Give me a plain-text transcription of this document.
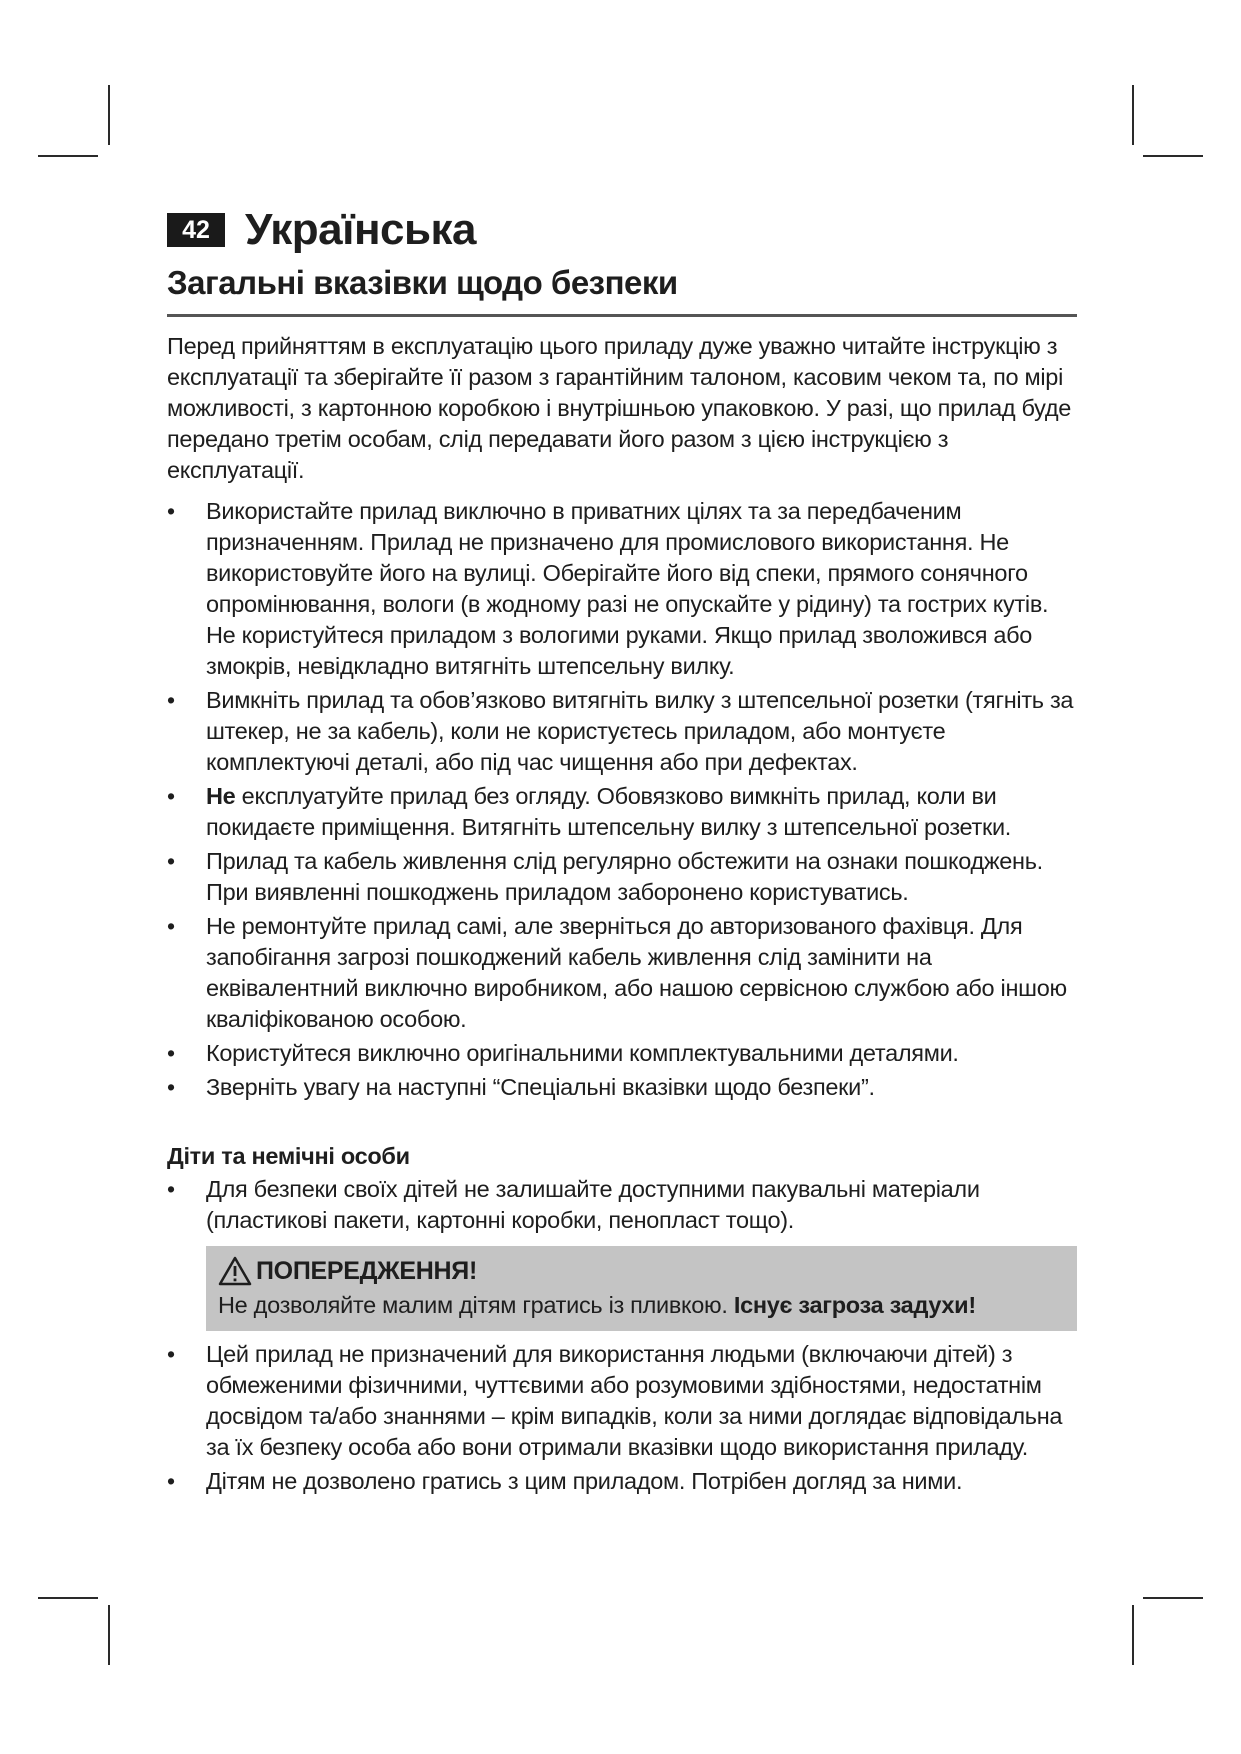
42 Українська
Загальні вказівки щодо безпеки

Перед прийняттям в експлуатацію цього приладу дуже уважно читайте інструкцію з експлуатації та зберігайте її разом з гарантійним талоном, касовим чеком та, по мірі можливості, з картонною коробкою і внутрішньою упаковкою. У разі, що прилад буде передано третім особам, слід передавати його разом з цією інструкцією з експлуатації.

• Використайте прилад виключно в приватних цілях та за передбаченим призначенням. Прилад не призначено для промислового використання. Не використовуйте його на вулиці. Оберігайте його від спеки, прямого сонячного опромінювання, вологи (в жодному разі не опускайте у рідину) та гострих кутів. Не користуйтеся приладом з вологими руками. Якщо прилад зволожився або змокрів, невідкладно витягніть штепсельну вилку.
• Вимкніть прилад та обов’язково витягніть вилку з штепсельної розетки (тягніть за штекер, не за кабель), коли не користуєтесь приладом, або монтуєте комплектуючі деталі, або під час чищення або при дефектах.
• Не експлуатуйте прилад без огляду. Обовязково вимкніть прилад, коли ви покидаєте приміщення. Витягніть штепсельну вилку з штепсельної розетки.
• Прилад та кабель живлення слід регулярно обстежити на ознаки пошкоджень. При виявленні пошкоджень приладом заборонено користуватись.
• Не ремонтуйте прилад самі, але зверніться до авторизованого фахівця. Для запобігання загрозі пошкоджений кабель живлення слід замінити на еквівалентний виключно виробником, або нашою сервісною службою або іншою кваліфікованою особою.
• Користуйтеся виключно оригінальними комплектувальними деталями.
• Зверніть увагу на наступні “Спеціальні вказівки щодо безпеки”.
Діти та немічні особи
• Для безпеки своїх дітей не залишайте доступними пакувальні матеріали (пластикові пакети, картонні коробки, пенопласт тощо).
ПОПЕРЕДЖЕННЯ!
Не дозволяйте малим дітям гратись із пливкою. Існує загроза задухи!
• Цей прилад не призначений для використання людьми (включаючи дітей) з обмеженими фізичними, чуттєвими або розумовими здібностями, недостатнім досвідом та/або знаннями – крім випадків, коли за ними доглядає відповідальна за їх безпеку особа або вони отримали вказівки щодо використання приладу.
• Дітям не дозволено гратись з цим приладом. Потрібен догляд за ними.
